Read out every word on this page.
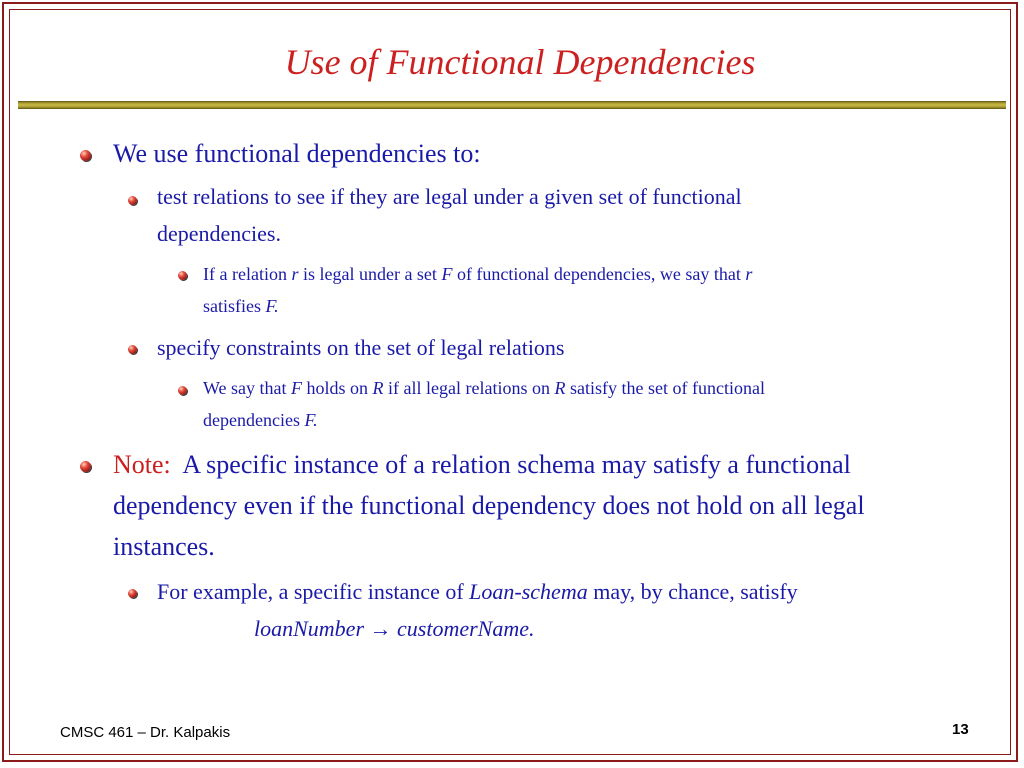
Use of Functional Dependencies
We use functional dependencies to:
test relations to see if they are legal under a given set of functional
dependencies.
If a relation r is legal under a set F of functional dependencies, we say that r
satisfies F.
specify constraints on the set of legal relations
We say that F holds on R if all legal relations on R satisfy the set of functional
dependencies F.
Note:  A specific instance of a relation schema may satisfy a functional
dependency even if the functional dependency does not hold on all legal
instances.
For example, a specific instance of Loan-schema may, by chance, satisfy
loanNumber → customerName.
CMSC 461 – Dr. Kalpakis	13
